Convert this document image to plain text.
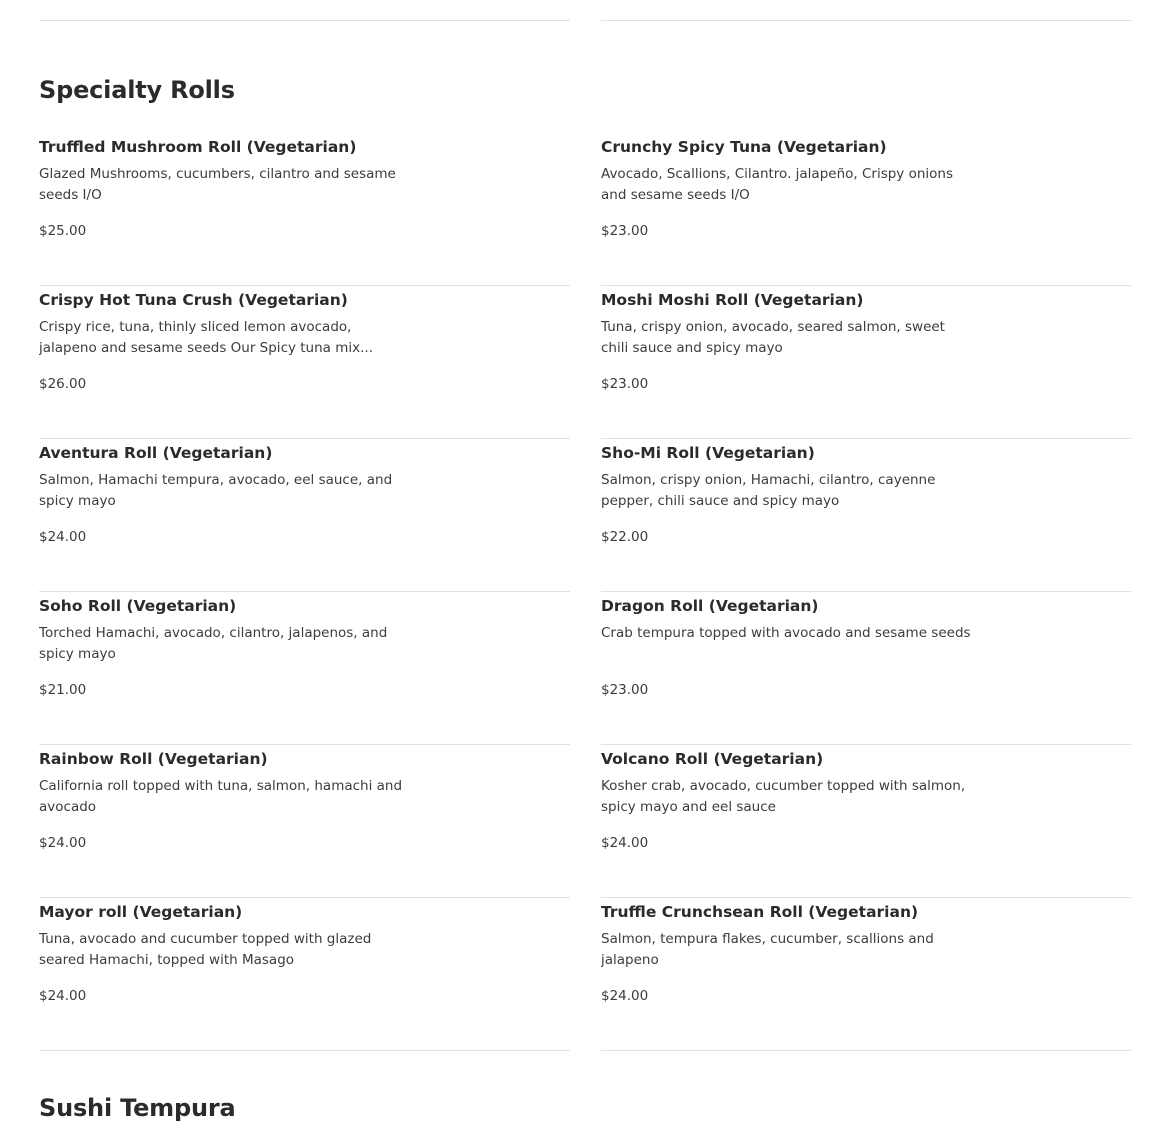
Specialty Rolls
Truffled Mushroom Roll (Vegetarian)

Glazed Mushrooms, cucumbers, cilantro and sesame seeds I/O

$25.00

Crunchy Spicy Tuna (Vegetarian)

Avocado, Scallions, Cilantro. jalapeño, Crispy onions and sesame seeds I/O

$23.00

Crispy Hot Tuna Crush (Vegetarian)

Crispy rice, tuna, thinly sliced lemon avocado, jalapeno and sesame seeds Our Spicy tuna mix...

$26.00

Moshi Moshi Roll (Vegetarian)

Tuna, crispy onion, avocado, seared salmon, sweet chili sauce and spicy mayo

$23.00

Aventura Roll (Vegetarian)

Salmon, Hamachi tempura, avocado, eel sauce, and spicy mayo

$24.00

Sho-Mi Roll (Vegetarian)

Salmon, crispy onion, Hamachi, cilantro, cayenne pepper, chili sauce and spicy mayo

$22.00

Soho Roll (Vegetarian)

Torched Hamachi, avocado, cilantro, jalapenos, and spicy mayo

$21.00

Dragon Roll (Vegetarian)

Crab tempura topped with avocado and sesame seeds

$23.00

Rainbow Roll (Vegetarian)

California roll topped with tuna, salmon, hamachi and avocado

$24.00

Volcano Roll (Vegetarian)

Kosher crab, avocado, cucumber topped with salmon, spicy mayo and eel sauce

$24.00

Mayor roll (Vegetarian)

Tuna, avocado and cucumber topped with glazed seared Hamachi, topped with Masago

$24.00

Truffle Crunchsean Roll (Vegetarian)

Salmon, tempura flakes, cucumber, scallions and jalapeno

$24.00

Sushi Tempura
